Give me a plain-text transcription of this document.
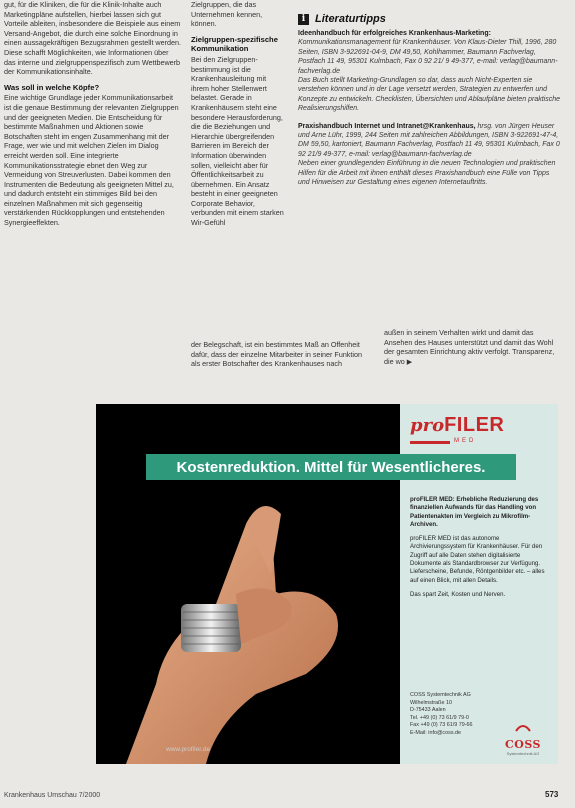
gut, für die Kliniken, die für die Klinik-Inhalte auch Marketingpläne aufstellen, hierbei lassen sich gut Vorteile ableiten, insbesondere die Beispiele aus einem Versand-Angebot, die durch eine solche Einordnung in einen aussagekräftigen Bezugsrahmen gestellt werden. Diese schafft Möglichkeiten, wie Informationen über das interne und zielgruppenspezifisch zum Wettbewerb der Kommunikationsinhalte.

Was soll in welche Köpfe?

Eine wichtige Grundlage jeder Kommunikationsarbeit ist die genaue Bestimmung der relevanten Zielgruppen und der geeigneten Medien. Die Entscheidung für bestimmte Maßnahmen und Aktionen sowie Botschaften steht im engen Zusammenhang mit der Frage, wer wie und mit welchen Zielen im Dialog erreicht werden soll. Eine integrierte Kommunikationsstrategie ebnet den Weg zur Vermeidung von Streuverlusten. Dabei kommen den Instrumenten die Bedeutung als geeigneten Mittel zu, und dadurch entsteht ein stimmiges Bild bei den einzelnen Maßnahmen mit sich gegenseitig verstärkenden Rückkopplungen und entstehenden Synergieeffekten.

Zielgruppen, die das Unternehmen kennen, können.

Zielgruppen-spezifische Kommunikation

Bei den Zielgruppen-bestimmung ist die Krankenhausleitung mit ihrem hoher Stellenwert belastet. Gerade in Krankenhäusern steht eine besondere Herausforderung, die die Beziehungen und Hierarchie übergreifenden Barrieren im Bereich der Information überwinden sollen, vielleicht aber für Öffentlichkeitsarbeit zu übernehmen. Ein Ansatz besteht in einer geeigneten Corporate Behavior, verbunden mit einem starken Wir-Gefühl

i Literaturtipps
Ideenhandbuch für erfolgreiches Krankenhaus-Marketing: Kommunikationsmanagement für Krankenhäuser. Von Klaus-Dieter Thill, 1996, 280 Seiten, ISBN 3-922691-04-9, DM 49,50, Kohlhammer, Baumann Fachverlag, Postfach 11 49, 95301 Kulmbach, Fax 0 92 21/ 9 49-377, e-mail: verlag@baumann-fachverlag.de
Das Buch stellt Marketing-Grundlagen so dar, dass auch Nicht-Experten sie verstehen können und in der Lage versetzt werden, Strategien zu entwerfen und Konzepte zu entwickeln. Checklisten, Übersichten und Ablaufpläne bieten praktische Realisierungshilfen.
Praxishandbuch Internet und Intranet@Krankenhaus, hrsg. von Jürgen Heuser und Arne Lühr, 1999, 244 Seiten mit zahlreichen Abbildungen, ISBN 3-922691-47-4, DM 59,50, kartoniert, Baumann Fachverlag, Postfach 11 49, 95301 Kulmbach, Fax 0 92 21/9 49-377, e-mail: verlag@baumann-fachverlag.de
Neben einer grundlegenden Einführung in die neuen Technologien und praktischen Hilfen für die Arbeit mit ihnen enthält dieses Praxishandbuch eine Fülle von Tipps und Hinweisen zur Gestaltung eines eigenen Internetauftritts.

der Belegschaft, ist ein bestimmtes Maß an Offenheit dafür, dass der einzelne Mitarbeiter in seiner Funktion als erster Botschafter des Krankenhauses nach

außen in seinem Verhalten wirkt und damit das Ansehen des Hauses unterstützt und damit das Wohl der gesamten Einrichtung aktiv verfolgt. Transparenz, die wo ▶
proFILER
MED
Kostenreduktion. Mittel für Wesentlicheres.

proFILER MED: Erhebliche Reduzierung des finanziellen Aufwands für das Handling von Patientenakten im Vergleich zu Mikrofilm-Archiven.

proFILER MED ist das autonome Archivierungssystem für Krankenhäuser. Für den Zugriff auf alle Daten stehen digitalisierte Dokumente als Standardbrowser zur Verfügung. Lieferscheine, Befunde, Röntgenbilder etc. – alles auf einen Blick, mit allen Details.

Das spart Zeit, Kosten und Nerven.

COSS Systemtechnik AG
Wilhelmstraße 10
D-75433 Aalen
Tel. +49 (0) 73 61/9 79-0
Fax +49 (0) 73 61/9 79-66
E-Mail: info@coss.de
COSS
Systemtechnik AG
www.profiler.de
Krankenhaus Umschau 7/2000	573
